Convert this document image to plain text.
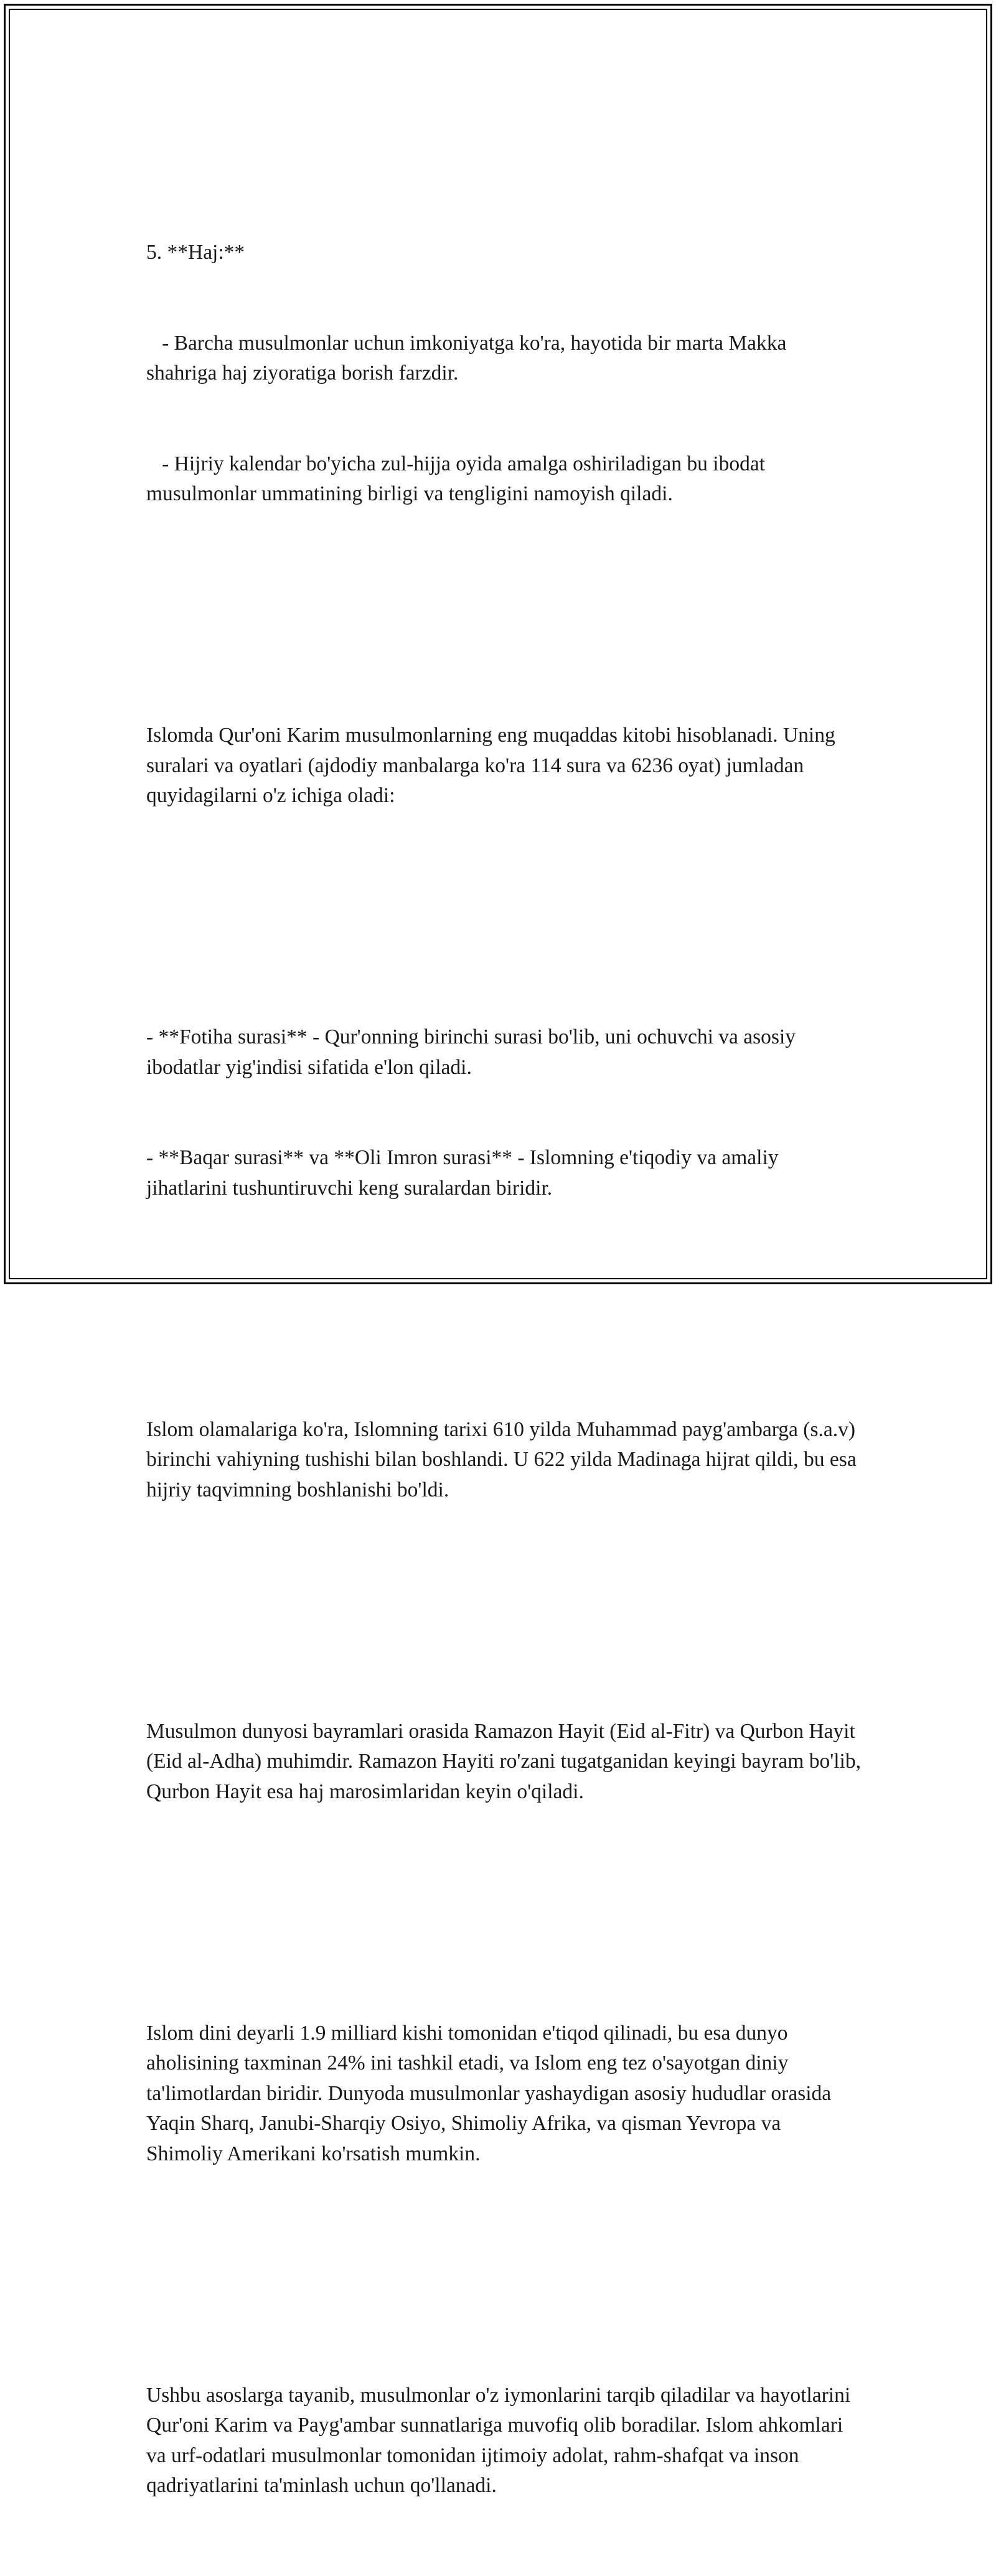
5. **Haj:**

- Barcha musulmonlar uchun imkoniyatga ko'ra, hayotida bir marta Makka shahriga haj ziyoratiga borish farzdir.

- Hijriy kalendar bo'yicha zul-hijja oyida amalga oshiriladigan bu ibodat musulmonlar ummatining birligi va tengligini namoyish qiladi.

Islomda Qur'oni Karim musulmonlarning eng muqaddas kitobi hisoblanadi. Uning suralari va oyatlari (ajdodiy manbalarga ko'ra 114 sura va 6236 oyat) jumladan quyidagilarni o'z ichiga oladi:

- **Fotiha surasi** - Qur'onning birinchi surasi bo'lib, uni ochuvchi va asosiy ibodatlar yig'indisi sifatida e'lon qiladi.

- **Baqar surasi** va **Oli Imron surasi** - Islomning e'tiqodiy va amaliy jihatlarini tushuntiruvchi keng suralardan biridir.

Islom olamalariga ko'ra, Islomning tarixi 610 yilda Muhammad payg'ambarga (s.a.v) birinchi vahiyning tushishi bilan boshlandi. U 622 yilda Madinaga hijrat qildi, bu esa hijriy taqvimning boshlanishi bo'ldi.

Musulmon dunyosi bayramlari orasida Ramazon Hayit (Eid al-Fitr) va Qurbon Hayit (Eid al-Adha) muhimdir. Ramazon Hayiti ro'zani tugatganidan keyingi bayram bo'lib, Qurbon Hayit esa haj marosimlaridan keyin o'qiladi.

Islom dini deyarli 1.9 milliard kishi tomonidan e'tiqod qilinadi, bu esa dunyo aholisining taxminan 24% ini tashkil etadi, va Islom eng tez o'sayotgan diniy ta'limotlardan biridir. Dunyoda musulmonlar yashaydigan asosiy hududlar orasida Yaqin Sharq, Janubi-Sharqiy Osiyo, Shimoliy Afrika, va qisman Yevropa va Shimoliy Amerikani ko'rsatish mumkin.

Ushbu asoslarga tayanib, musulmonlar o'z iymonlarini tarqib qiladilar va hayotlarini Qur'oni Karim va Payg'ambar sunnatlariga muvofiq olib boradilar. Islom ahkomlari va urf-odatlari musulmonlar tomonidan ijtimoiy adolat, rahm-shafqat va inson qadriyatlarini ta'minlash uchun qo'llanadi.
